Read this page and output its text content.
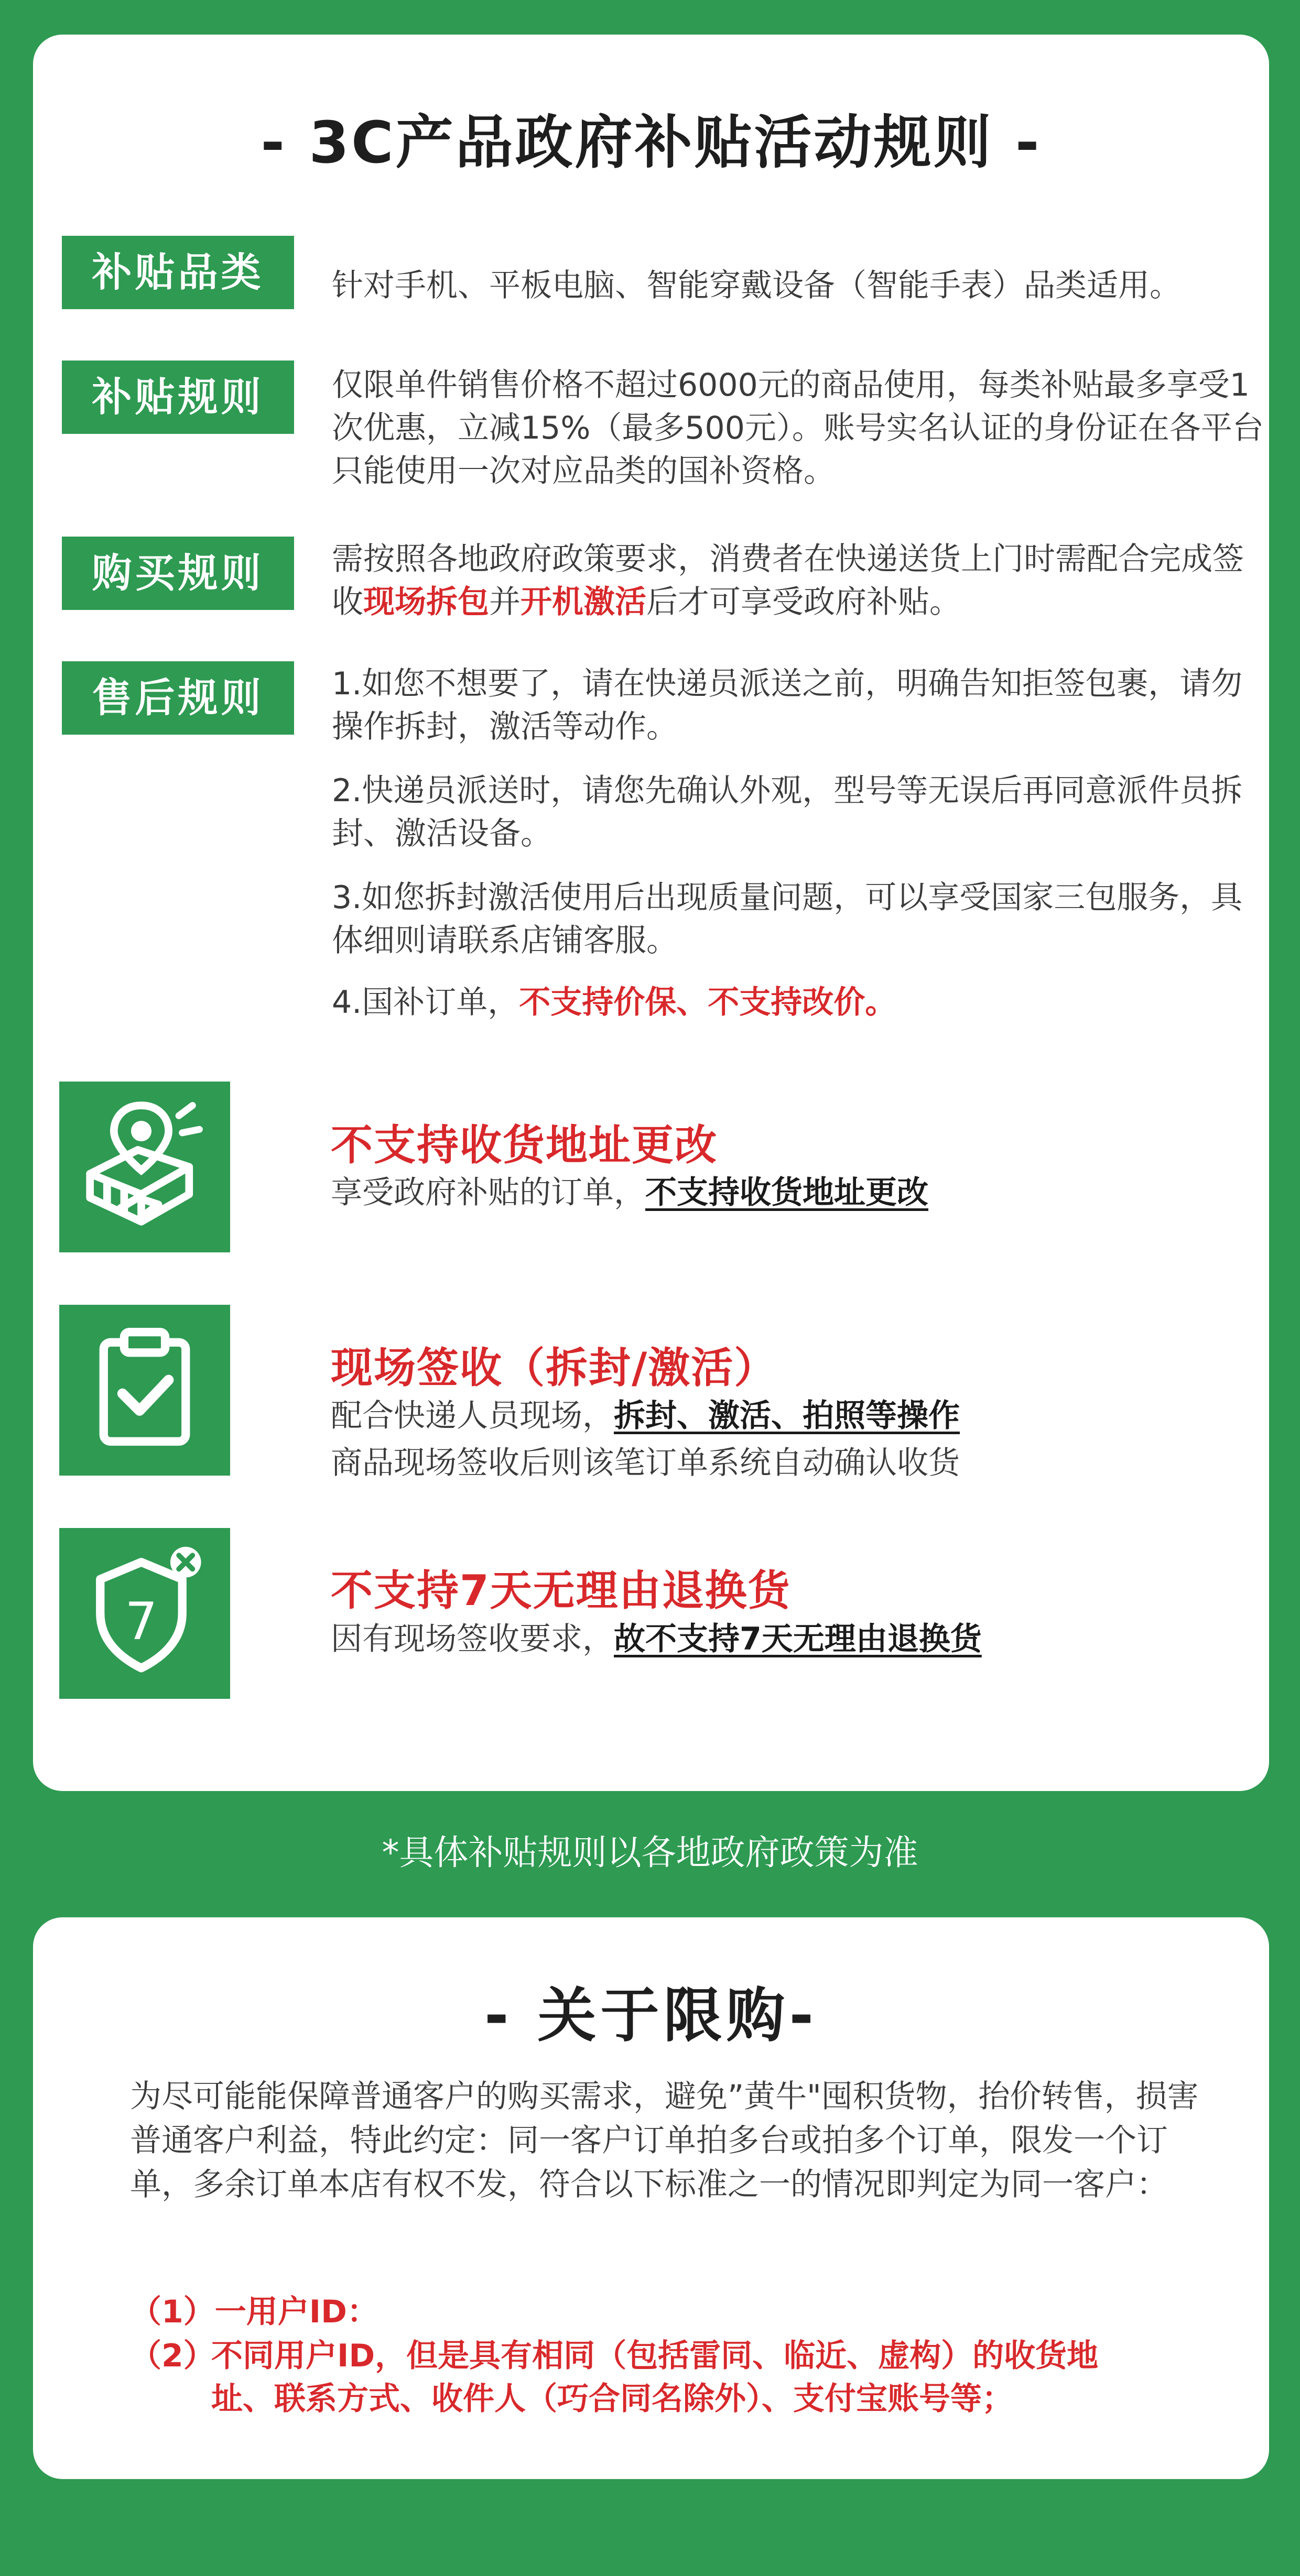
- 3C产品政府补贴活动规则 -
补贴品类	针对手机、平板电脑、智能穿戴设备（智能手表）品类适用。
补贴规则	仅限单件销售价格不超过6000元的商品使用，每类补贴最多享受1次优惠，立减15%（最多500元）。账号实名认证的身份证在各平台只能使用一次对应品类的国补资格。
购买规则	需按照各地政府政策要求，消费者在快递送货上门时需配合完成签收现场拆包并开机激活后才可享受政府补贴。
售后规则	1.如您不想要了，请在快递员派送之前，明确告知拒签包裹，请勿操作拆封，激活等动作。
2.快递员派送时，请您先确认外观，型号等无误后再同意派件员拆封、激活设备。
3.如您拆封激活使用后出现质量问题，可以享受国家三包服务，具体细则请联系店铺客服。
4.国补订单，不支持价保、不支持改价。
不支持收货地址更改
享受政府补贴的订单，不支持收货地址更改
现场签收（拆封/激活）
配合快递人员现场，拆封、激活、拍照等操作
商品现场签收后则该笔订单系统自动确认收货
7
不支持7天无理由退换货
因有现场签收要求，故不支持7天无理由退换货
*具体补贴规则以各地政府政策为准
- 关于限购-
为尽可能能保障普通客户的购买需求，避免”黄牛"囤积货物，抬价转售，损害普通客户利益，特此约定：同一客户订单拍多台或拍多个订单，限发一个订单，多余订单本店有权不发，符合以下标准之一的情况即判定为同一客户：
（1）一用户ID：
（2）
不同用户ID，但是具有相同（包括雷同、临近、虚构）的收货地址、联系方式、收件人（巧合同名除外）、支付宝账号等；
